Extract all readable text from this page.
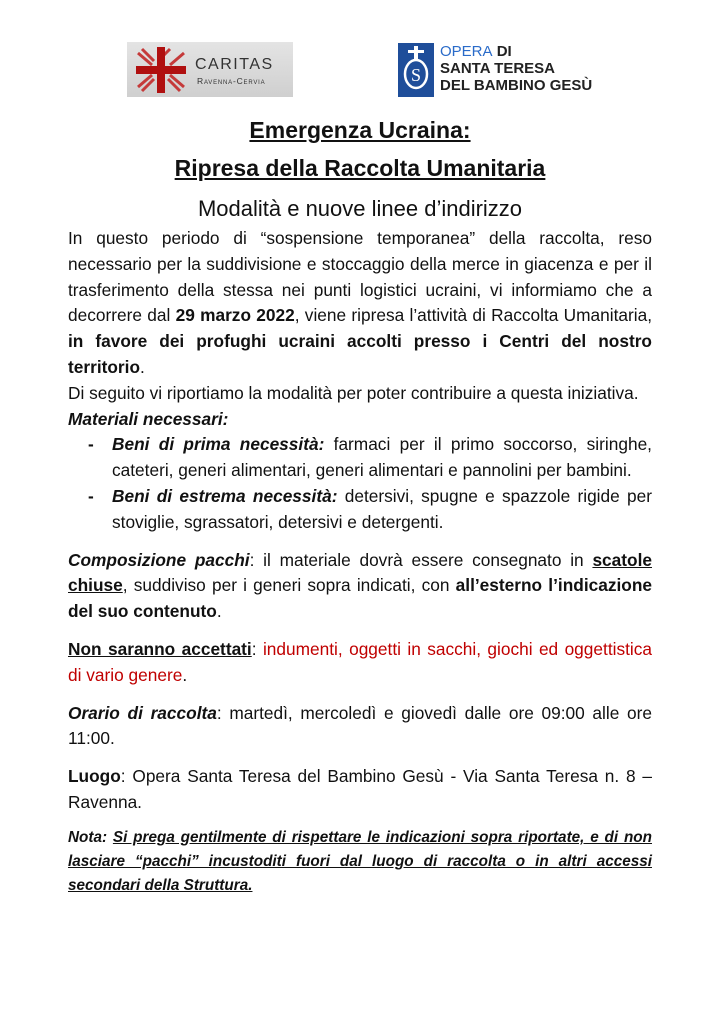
CARITAS
Ravenna-Cervia	S
OPERA DI
SANTA TERESA
DEL BAMBINO GESÙ
Emergenza Ucraina:
Ripresa della Raccolta Umanitaria
Modalità e nuove linee d’indirizzo

In questo periodo di “sospensione temporanea” della raccolta, reso necessario per la suddivisione e stoccaggio della merce in giacenza e per il trasferimento della stessa nei punti logistici ucraini, vi informiamo che a decorrere dal 29 marzo 2022, viene ripresa l’attività di Raccolta Umanitaria, in favore dei profughi ucraini accolti presso i Centri del nostro territorio.

Di seguito vi riportiamo la modalità per poter contribuire a questa iniziativa.

Materiali necessari:

- Beni di prima necessità: farmaci per il primo soccorso, siringhe, cateteri, generi alimentari, generi alimentari e pannolini per bambini.
- Beni di estrema necessità: detersivi, spugne e spazzole rigide per stoviglie, sgrassatori, detersivi e detergenti.

Composizione pacchi: il materiale dovrà essere consegnato in scatole chiuse, suddiviso per i generi sopra indicati, con all’esterno l’indicazione del suo contenuto.

Non saranno accettati: indumenti, oggetti in sacchi, giochi ed oggettistica di vario genere.

Orario di raccolta: martedì, mercoledì e giovedì dalle ore 09:00 alle ore 11:00.

Luogo: Opera Santa Teresa del Bambino Gesù - Via Santa Teresa n. 8 – Ravenna.

Nota: Si prega gentilmente di rispettare le indicazioni sopra riportate, e di non lasciare “pacchi” incustoditi fuori dal luogo di raccolta o in altri accessi secondari della Struttura.
